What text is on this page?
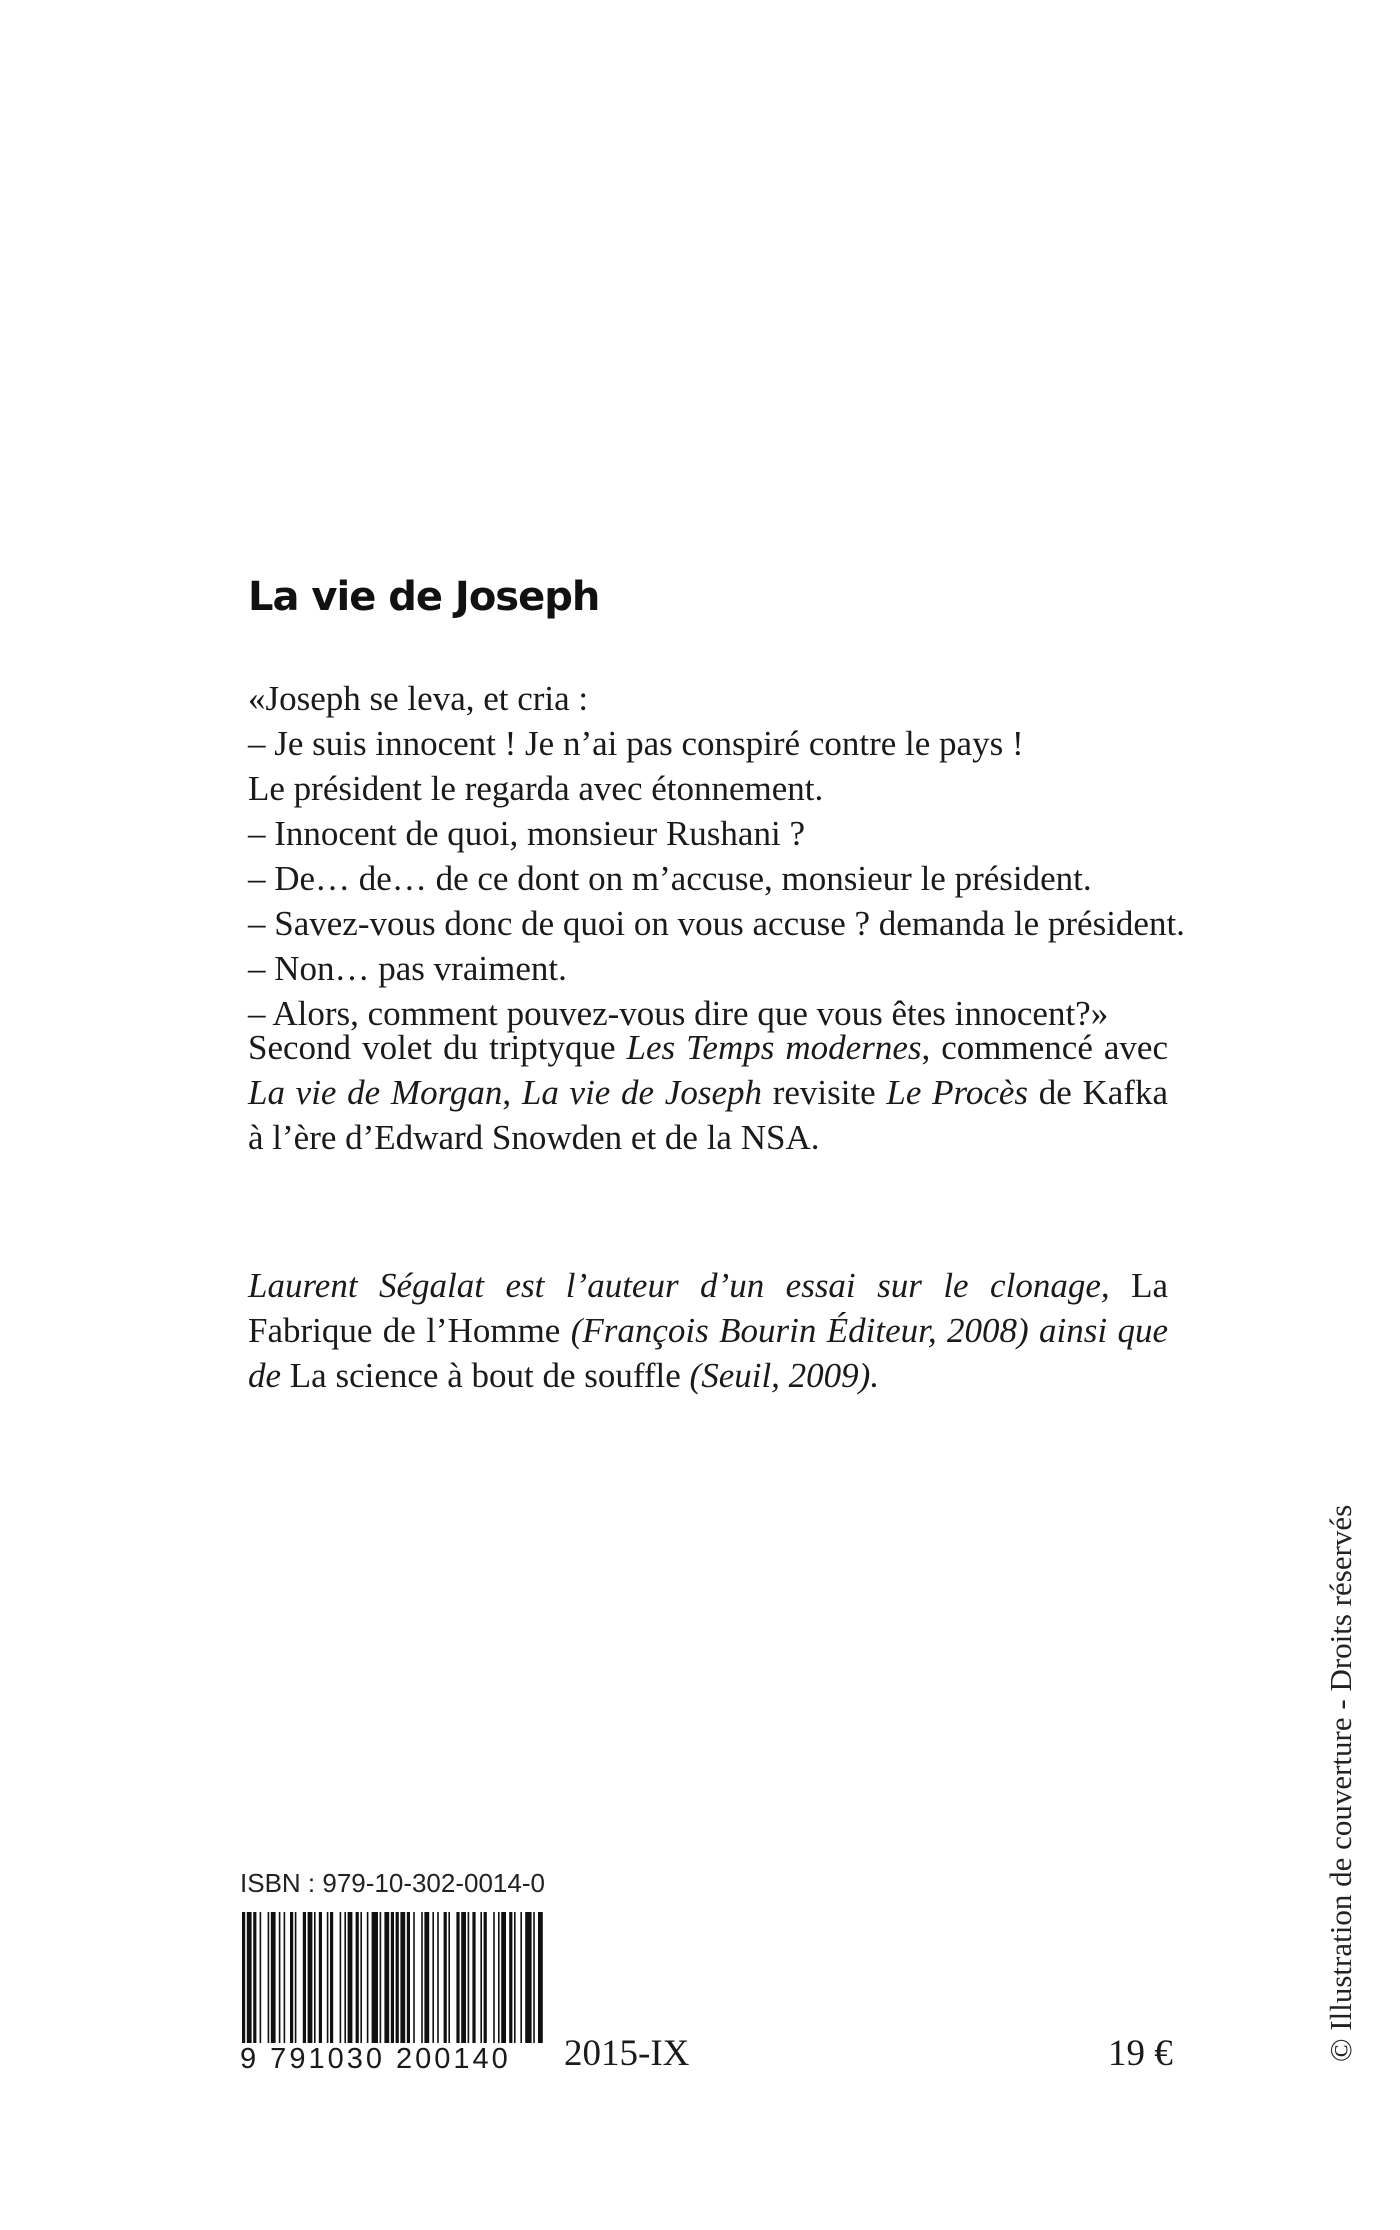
La vie de Joseph
«Joseph se leva, et cria :
– Je suis innocent ! Je n’ai pas conspiré contre le pays !
Le président le regarda avec étonnement.
– Innocent de quoi, monsieur Rushani ?
– De… de… de ce dont on m’accuse, monsieur le président.
– Savez-vous donc de quoi on vous accuse ? demanda le président.
– Non… pas vraiment.
– Alors, comment pouvez-vous dire que vous êtes innocent?»
Second volet du triptyque Les Temps modernes, commencé avec La vie de Morgan, La vie de Joseph revisite Le Procès de Kafka à l’ère d’Edward Snowden et de la NSA.
Laurent Ségalat est l’auteur d’un essai sur le clonage, La Fabrique de l’Homme (François Bourin Éditeur, 2008) ainsi que de La science à bout de souffle (Seuil, 2009).
ISBN : 979-10-302-0014-0
9 791030 200140	2015-IX	19 €	© Illustration de couverture - Droits réservés
